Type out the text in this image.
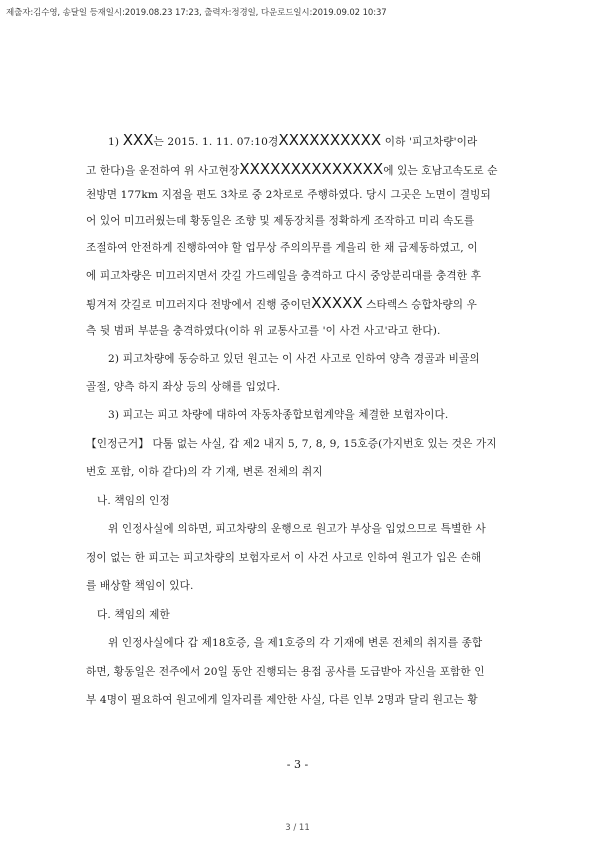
제출자:김수영, 송달일 등재일시:2019.08.23 17:23, 출력자:정경일, 다운로드일시:2019.09.02 10:37
1) XXX는 2015. 1. 11. 07:10경XXXXXXXXXX 이하 '피고차량'이라
고 한다)을 운전하여 위 사고현장XXXXXXXXXXXXXX에 있는 호남고속도로 순
천방면 177km 지점을 편도 3차로 중 2차로로 주행하였다. 당시 그곳은 노면이 결빙되
어 있어 미끄러웠는데 황동일은 조향 및 제동장치를 정확하게 조작하고 미리 속도를
조절하여 안전하게 진행하여야 할 업무상 주의의무를 게을리 한 채 급제동하였고, 이
에 피고차량은 미끄러지면서 갓길 가드레일을 충격하고 다시 중앙분리대를 충격한 후
튕겨져 갓길로 미끄러지다 전방에서 진행 중이던XXXXX 스타렉스 승합차량의 우
측 뒷 범퍼 부분을 충격하였다(이하 위 교통사고를 '이 사건 사고'라고 한다).
2) 피고차량에 동승하고 있던 원고는 이 사건 사고로 인하여 양측 경골과 비골의
골절, 양측 하지 좌상 등의 상해를 입었다.
3) 피고는 피고 차량에 대하여 자동차종합보험계약을 체결한 보험자이다.
【인정근거】 다툼 없는 사실, 갑 제2 내지 5, 7, 8, 9, 15호증(가지번호 있는 것은 가지
번호 포함, 이하 같다)의 각 기재, 변론 전체의 취지
나. 책임의 인정
위 인정사실에 의하면, 피고차량의 운행으로 원고가 부상을 입었으므로 특별한 사
정이 없는 한 피고는 피고차량의 보험자로서 이 사건 사고로 인하여 원고가 입은 손해
를 배상할 책임이 있다.
다. 책임의 제한
위 인정사실에다 갑 제18호증, 을 제1호증의 각 기재에 변론 전체의 취지를 종합
하면, 황동일은 전주에서 20일 동안 진행되는 용접 공사를 도급받아 자신을 포함한 인
부 4명이 필요하여 원고에게 일자리를 제안한 사실, 다른 인부 2명과 달리 원고는 황
- 3 -
3 / 11
